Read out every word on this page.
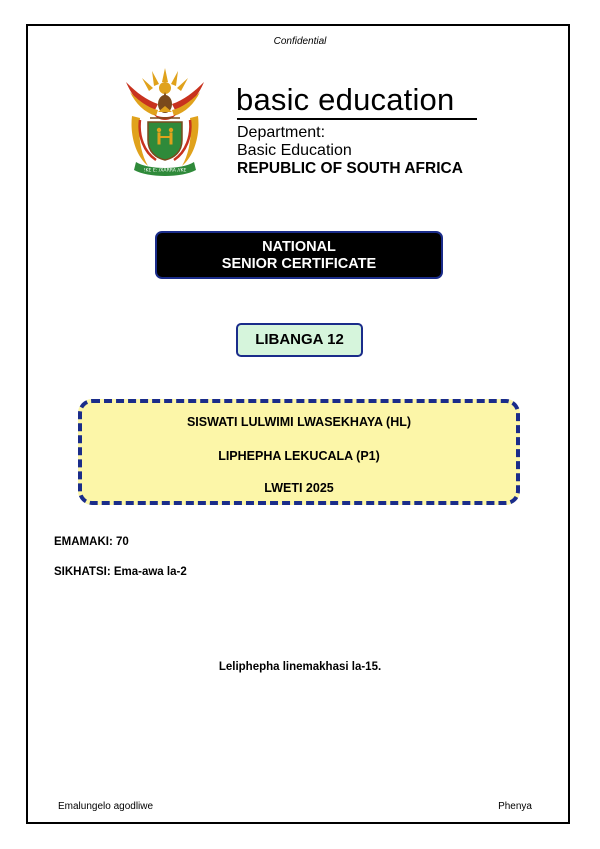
Confidential
!KE E: /XARRA //KE
basic education
Department:
Basic Education
REPUBLIC OF SOUTH AFRICA
NATIONAL
SENIOR CERTIFICATE
LIBANGA 12
SISWATI LULWIMI LWASEKHAYA (HL)
LIPHEPHA LEKUCALA (P1)
LWETI 2025
EMAMAKI: 70
SIKHATSI: Ema-awa la-2
Leliphepha linemakhasi la-15.
Emalungelo agodliwe	Phenya
